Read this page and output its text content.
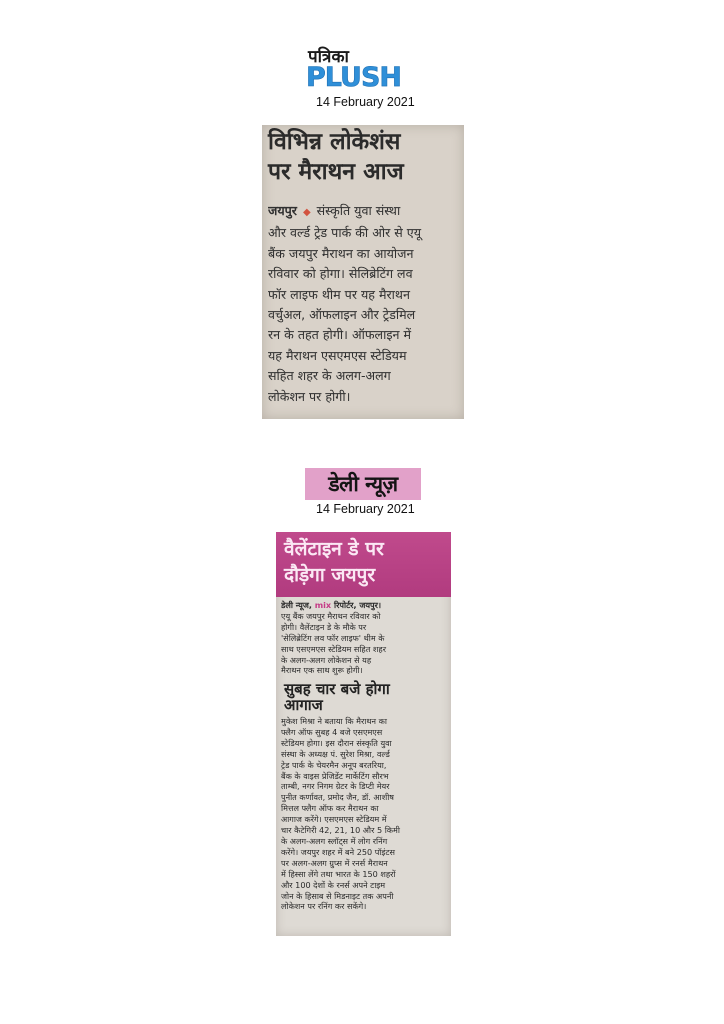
पत्रिका
PLUSH
14 February 2021
विभिन्न लोकेशंस
पर मैराथन आज
जयपुर ◆ संस्कृति युवा संस्था
और वर्ल्ड ट्रेड पार्क की ओर से एयू
बैंक जयपुर मैराथन का आयोजन
रविवार को होगा। सेलिब्रेटिंग लव
फॉर लाइफ थीम पर यह मैराथन
वर्चुअल, ऑफलाइन और ट्रेडमिल
रन के तहत होगी। ऑफलाइन में
यह मैराथन एसएमएस स्टेडियम
सहित शहर के अलग-अलग
लोकेशन पर होगी।
डेली न्यूज़
14 February 2021
वैलेंटाइन डे पर
दौड़ेगा जयपुर
डेली न्यूज, mix रिपोर्टर, जयपुर।
एयू बैंक जयपुर मैराथन रविवार को
होगी। वैलेंटाइन डे के मौके पर
'सेलिब्रेटिंग लव फॉर लाइफ' थीम के
साथ एसएमएस स्टेडियम सहित शहर
के अलग-अलग लोकेशन से यह
मैराथन एक साथ शुरू होगी।
सुबह चार बजे होगा
आगाज
मुकेश मिश्रा ने बताया कि मैराथन का
फ्लैग ऑफ सुबह 4 बजे एसएमएस
स्टेडियम होगा। इस दौरान संस्कृति युवा
संस्था के अध्यक्ष पं. सुरेश मिश्रा, वर्ल्ड
ट्रेड पार्क के चेयरमैन अनूप बरतरिया,
बैंक के वाइस प्रेजिडेंट मार्केटिंग सौरभ
ताम्बी, नगर निगम ग्रेटर के डिप्टी मेयर
पुनीत कर्णावत, प्रमोद जैन, डॉ. आशीष
मित्तल फ्लैग ऑफ कर मैराथन का
आगाज करेंगे। एसएमएस स्टेडियम में
चार कैटेगिरी 42, 21, 10 और 5 किमी
के अलग-अलग स्लॉट्स में लोग रनिंग
करेंगे। जयपुर शहर में बने 250 पॉइंटस
पर अलग-अलग ग्रुप्स में रनर्स मैराथन
में हिस्सा लेंगे तथा भारत के 150 शहरों
और 100 देशों के रनर्स अपने टाइम
जोन के हिसाब से मिडनाइट तक अपनी
लोकेशन पर रनिंग कर सकेंगे।
